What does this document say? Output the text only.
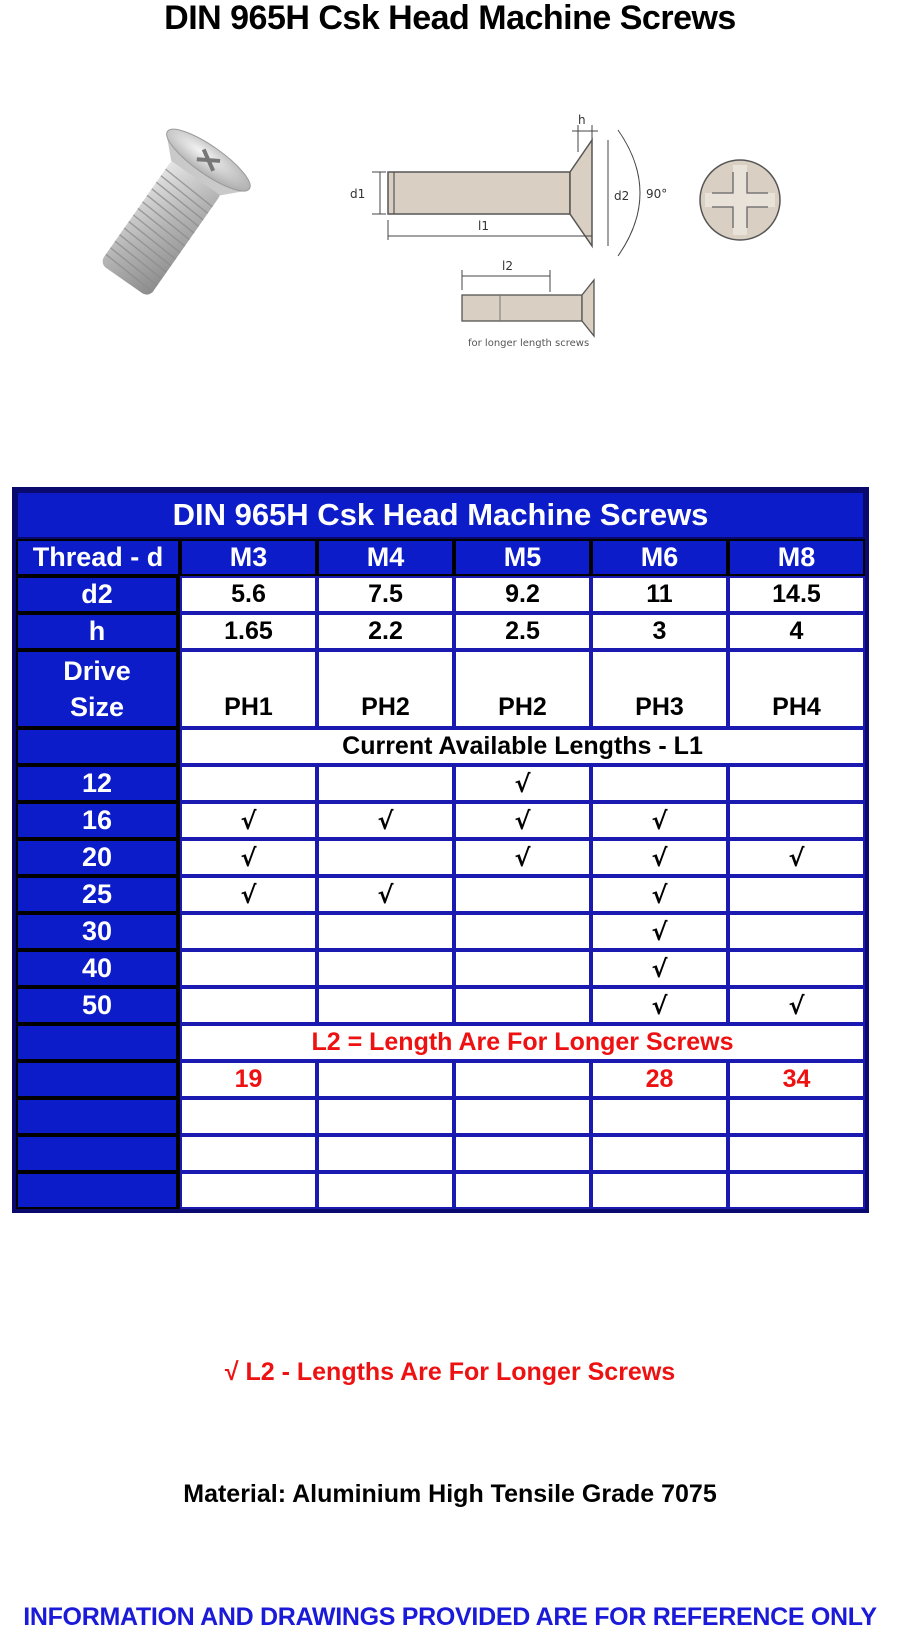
DIN 965H Csk Head Machine Screws
h
d1	d2 90°
l1
l2
for longer length screws
DIN 965H Csk Head Machine Screws					
Thread - d	M3	M4	M5	M6	M8
d2	5.6	7.5	9.2	11	14.5
h	1.65	2.2	2.5	3	4
Drive
Size	PH1	PH2	PH2	PH3	PH4
	Current Available Lengths - L1				
12			√		
16	√	√	√	√	
20	√		√	√	√
25	√	√		√	
30				√	
40				√	
50				√	√
	L2 = Length Are For Longer Screws				
	19			28	34

√ L2 - Lengths Are For Longer Screws
Material: Aluminium High Tensile Grade 7075
INFORMATION AND DRAWINGS PROVIDED ARE FOR REFERENCE ONLY
